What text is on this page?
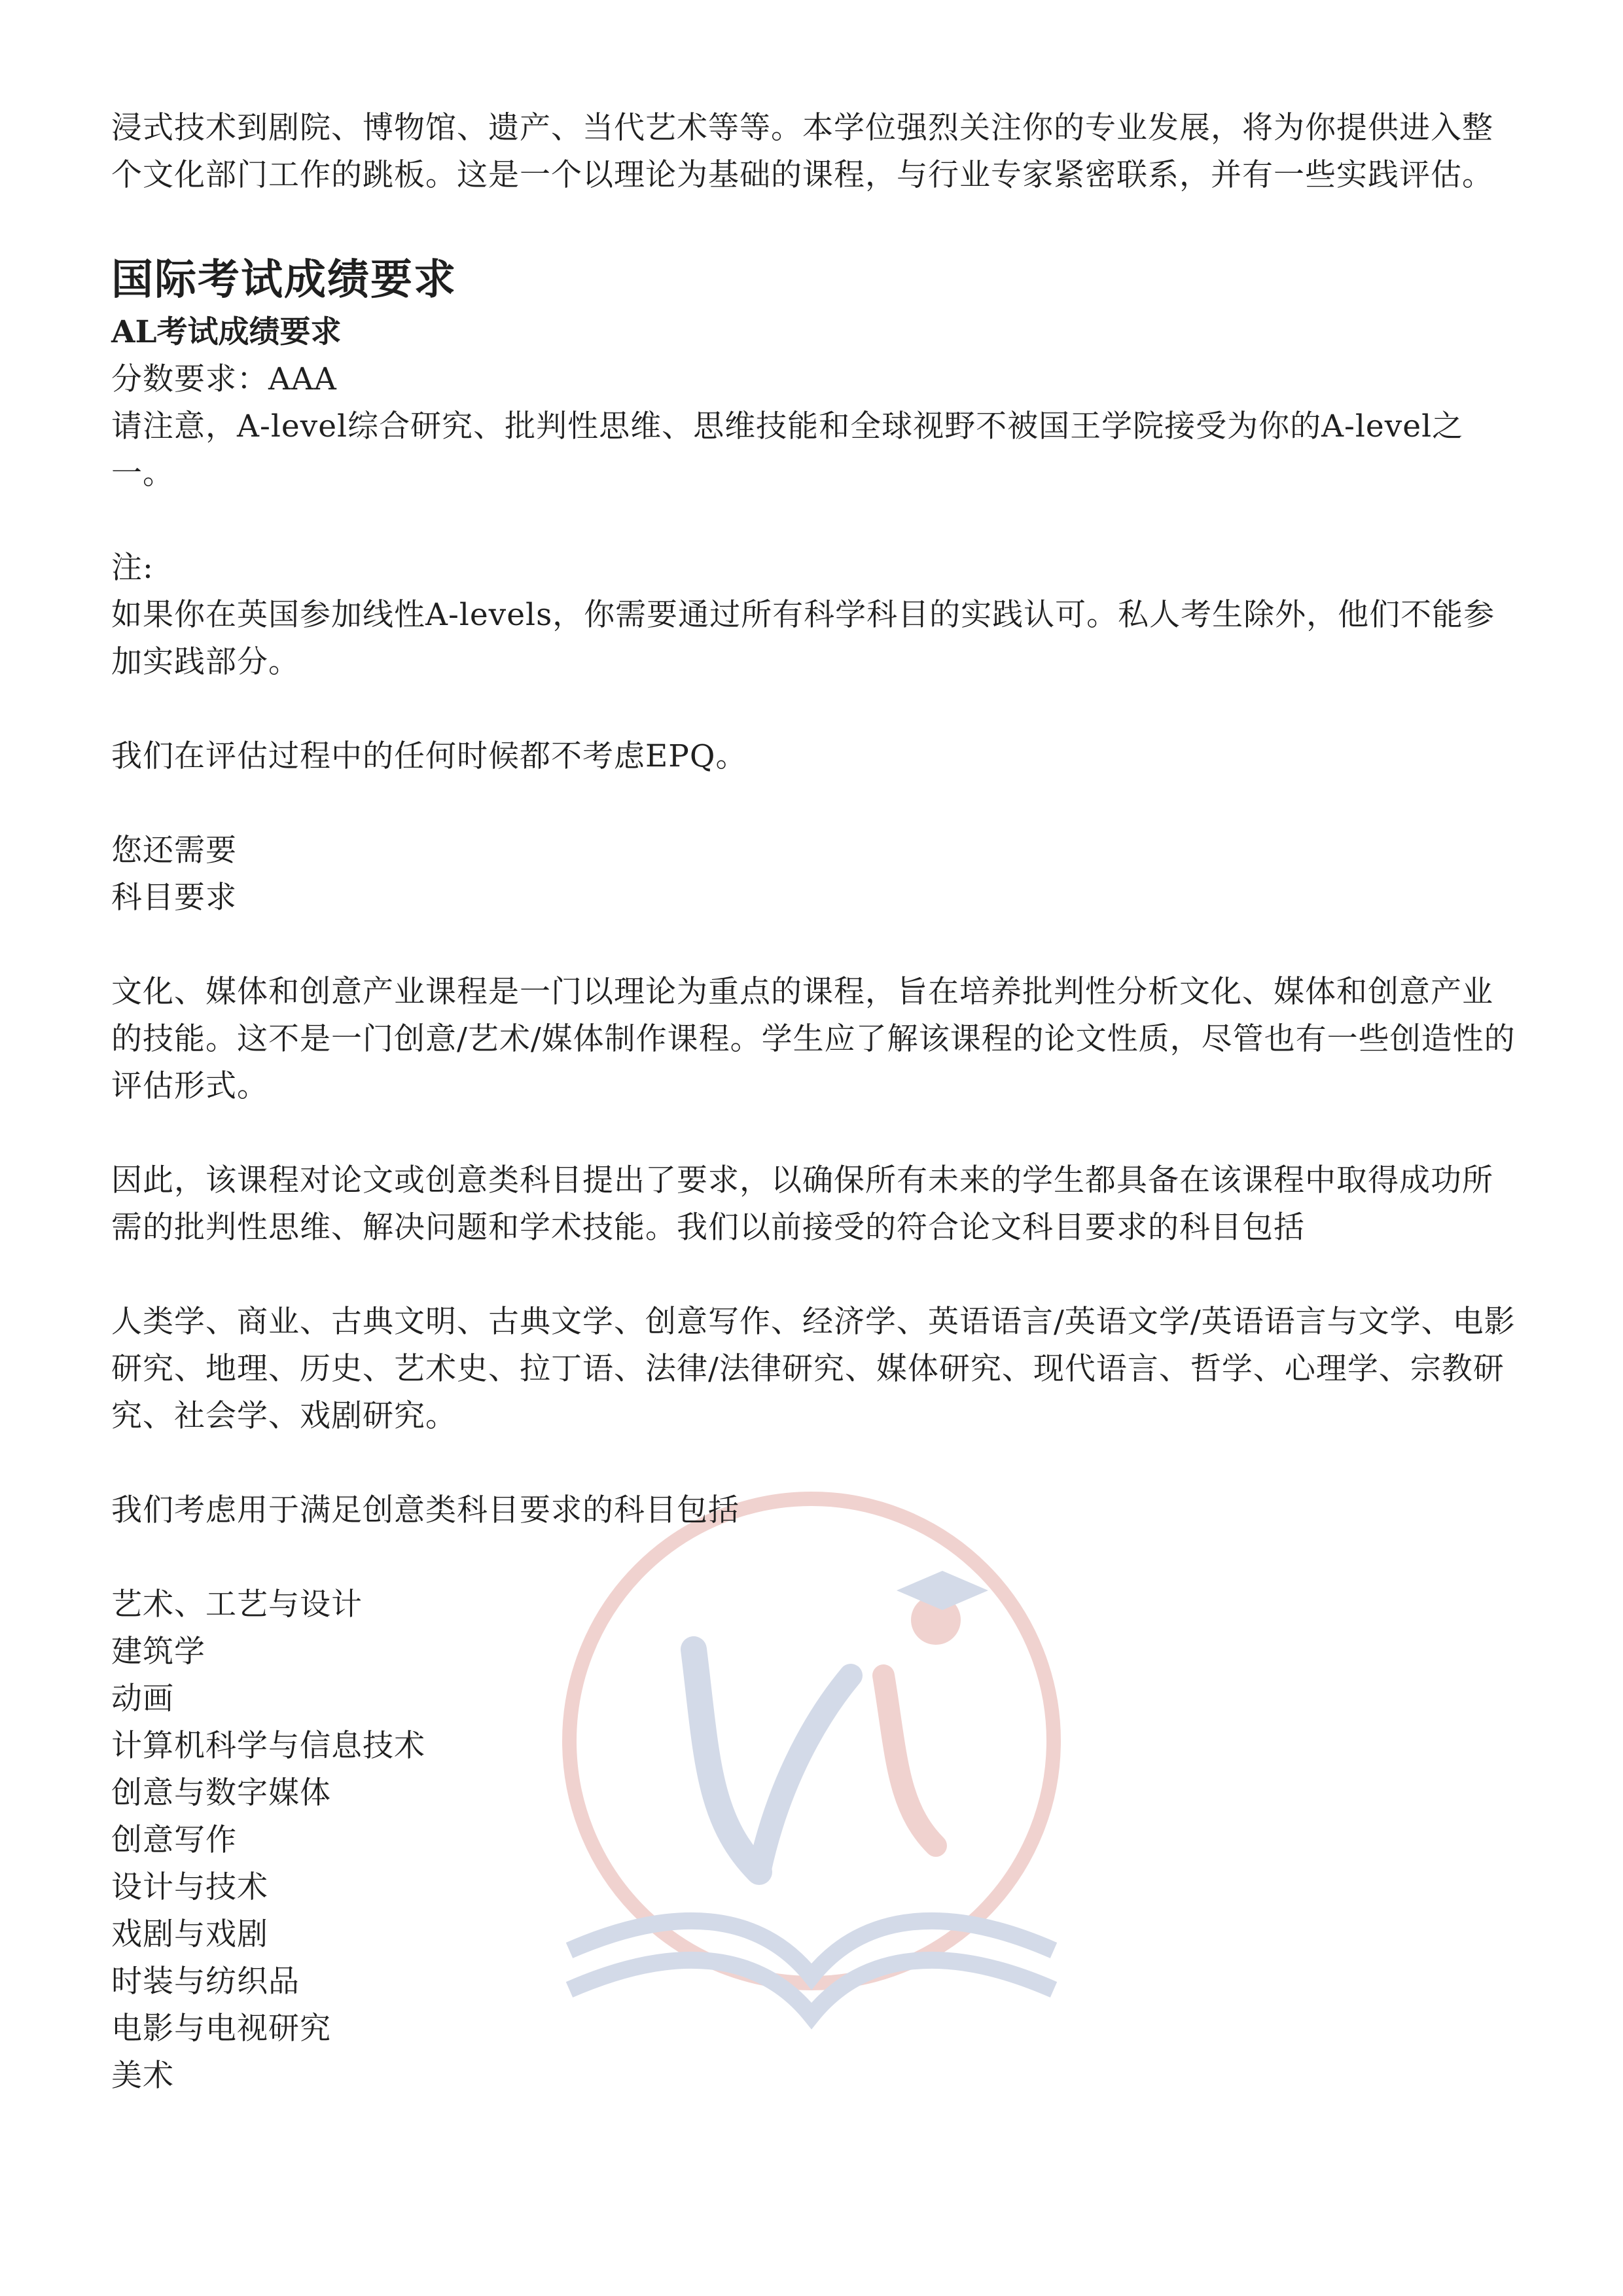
浸式技术到剧院、博物馆、遗产、当代艺术等等。本学位强烈关注你的专业发展，将为你提供进入整个文化部门工作的跳板。这是一个以理论为基础的课程，与行业专家紧密联系，并有一些实践评估。

国际考试成绩要求
AL考试成绩要求

分数要求：AAA

请注意，A-level综合研究、批判性思维、思维技能和全球视野不被国王学院接受为你的A-level之一。

注:

如果你在英国参加线性A-levels，你需要通过所有科学科目的实践认可。私人考生除外，他们不能参加实践部分。

我们在评估过程中的任何时候都不考虑EPQ。

您还需要

科目要求

文化、媒体和创意产业课程是一门以理论为重点的课程，旨在培养批判性分析文化、媒体和创意产业的技能。这不是一门创意/艺术/媒体制作课程。学生应了解该课程的论文性质，尽管也有一些创造性的评估形式。

因此，该课程对论文或创意类科目提出了要求，以确保所有未来的学生都具备在该课程中取得成功所需的批判性思维、解决问题和学术技能。我们以前接受的符合论文科目要求的科目包括

人类学、商业、古典文明、古典文学、创意写作、经济学、英语语言/英语文学/英语语言与文学、电影研究、地理、历史、艺术史、拉丁语、法律/法律研究、媒体研究、现代语言、哲学、心理学、宗教研究、社会学、戏剧研究。

我们考虑用于满足创意类科目要求的科目包括

艺术、工艺与设计
建筑学
动画
计算机科学与信息技术
创意与数字媒体
创意写作
设计与技术
戏剧与戏剧
时装与纺织品
电影与电视研究
美术
